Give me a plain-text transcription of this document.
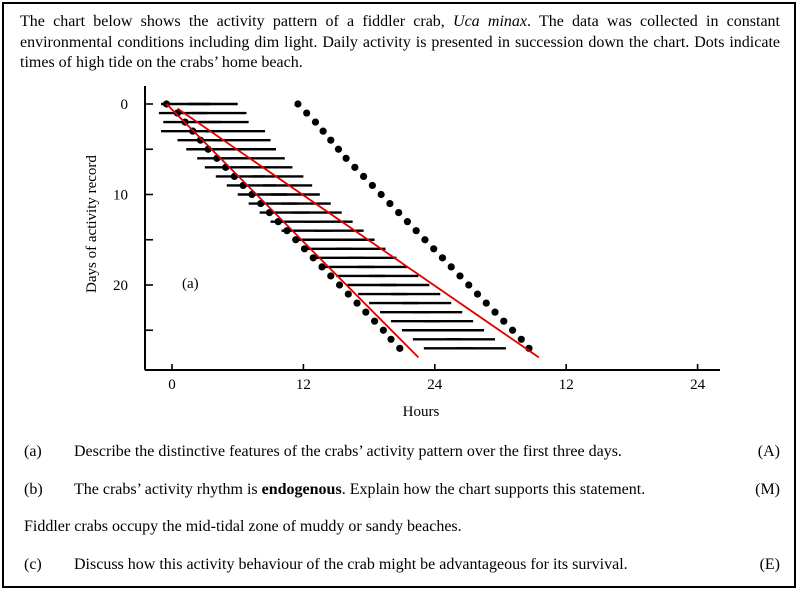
The chart below shows the activity pattern of a fiddler crab, Uca minax. The data was collected in constant environmental conditions including dim light. Daily activity is presented in succession down the chart. Dots indicate times of high tide on the crabs’ home beach.
0	12	24	12	24
0
10
20	(a)
Hours
Days of activity record
(a) Describe the distinctive features of the crabs’ activity pattern over the first three days.	(A)
(b) The crabs’ activity rhythm is endogenous. Explain how the chart supports this statement.	(M)
Fiddler crabs occupy the mid-tidal zone of muddy or sandy beaches.
(c) Discuss how this activity behaviour of the crab might be advantageous for its survival.	(E)
